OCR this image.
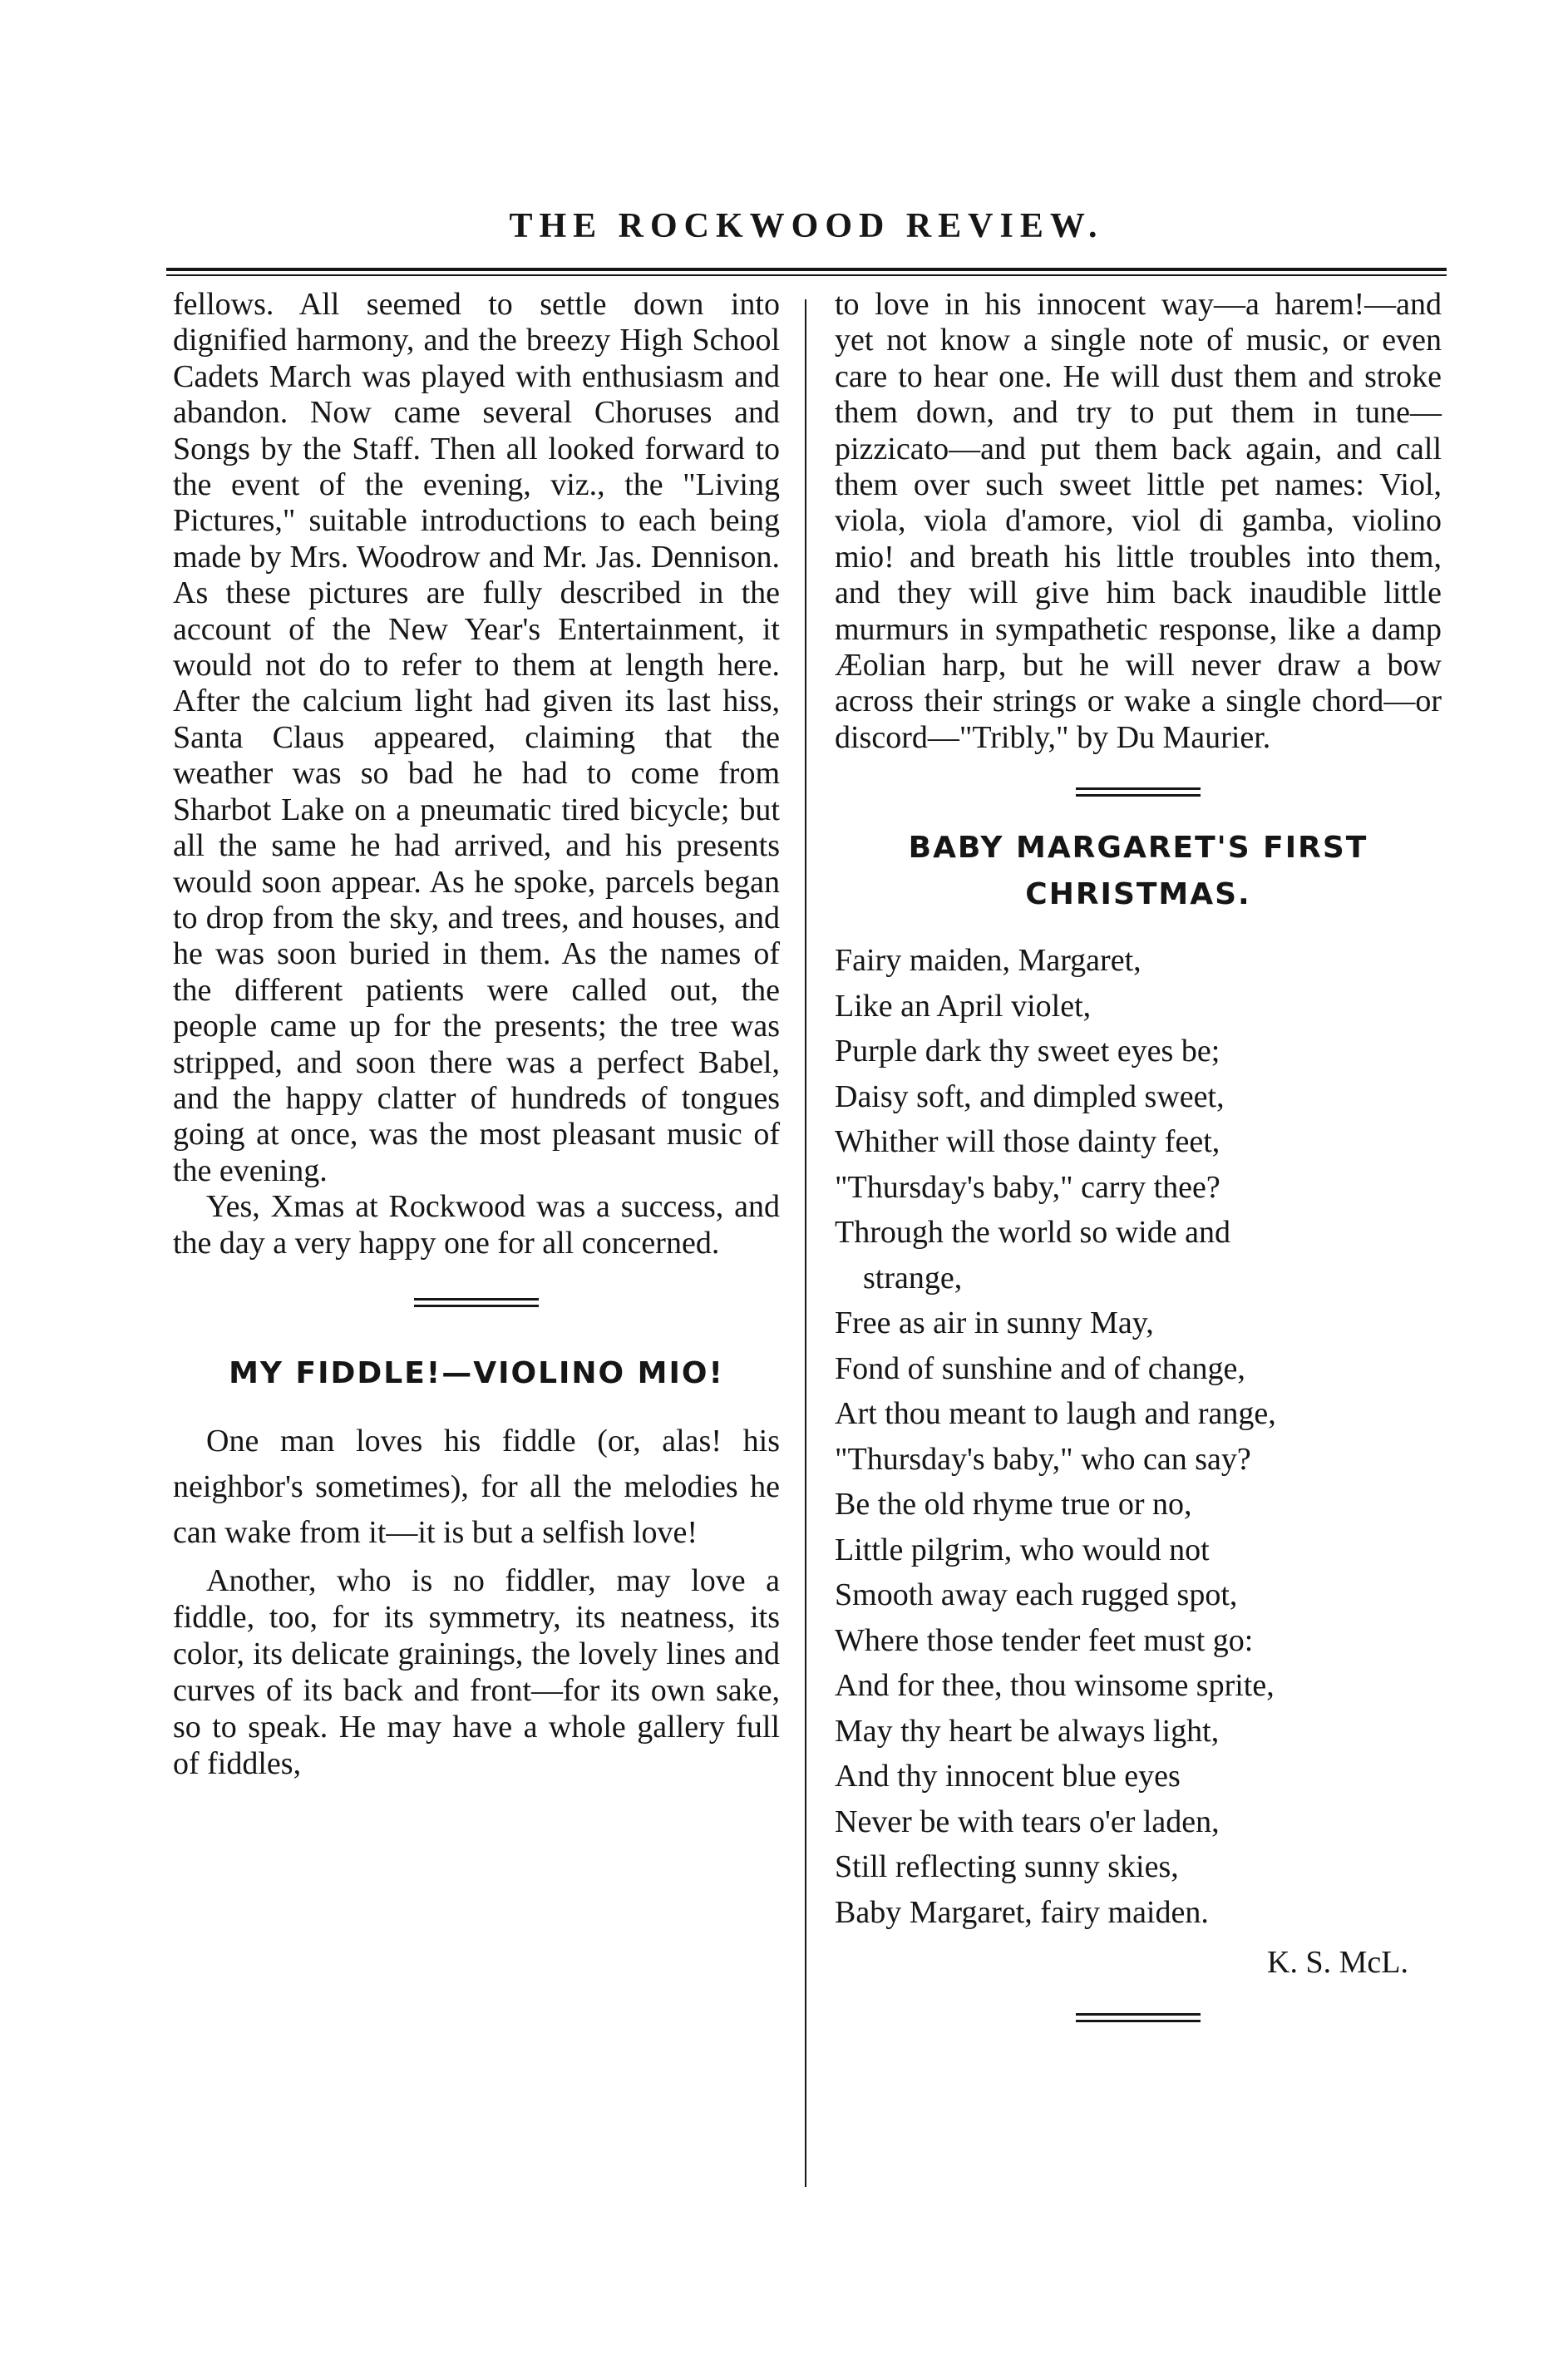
THE ROCKWOOD REVIEW.

fellows. All seemed to settle down into dignified harmony, and the breezy High School Cadets March was played with enthusiasm and abandon. Now came several Choruses and Songs by the Staff. Then all looked forward to the event of the evening, viz., the "Living Pictures," suitable introductions to each being made by Mrs. Woodrow and Mr. Jas. Dennison. As these pictures are fully described in the account of the New Year's Entertainment, it would not do to refer to them at length here. After the calcium light had given its last hiss, Santa Claus appeared, claiming that the weather was so bad he had to come from Sharbot Lake on a pneumatic tired bicycle; but all the same he had arrived, and his presents would soon appear. As he spoke, parcels began to drop from the sky, and trees, and houses, and he was soon buried in them. As the names of the different patients were called out, the people came up for the presents; the tree was stripped, and soon there was a perfect Babel, and the happy clatter of hundreds of tongues going at once, was the most pleasant music of the evening.

Yes, Xmas at Rockwood was a success, and the day a very happy one for all concerned.

MY FIDDLE!—VIOLINO MIO!

One man loves his fiddle (or, alas! his neighbor's sometimes), for all the melodies he can wake from it—it is but a selfish love!

Another, who is no fiddler, may love a fiddle, too, for its symmetry, its neatness, its color, its delicate grainings, the lovely lines and curves of its back and front—for its own sake, so to speak. He may have a whole gallery full of fiddles,

to love in his innocent way—a harem!—and yet not know a single note of music, or even care to hear one. He will dust them and stroke them down, and try to put them in tune—pizzicato—and put them back again, and call them over such sweet little pet names: Viol, viola, viola d'amore, viol di gamba, violino mio! and breath his little troubles into them, and they will give him back inaudible little murmurs in sympathetic response, like a damp Æolian harp, but he will never draw a bow across their strings or wake a single chord—or discord—"Tribly," by Du Maurier.

BABY MARGARET'S FIRST CHRISTMAS.
Fairy maiden, Margaret,
Like an April violet,
Purple dark thy sweet eyes be;
Daisy soft, and dimpled sweet,
Whither will those dainty feet,
"Thursday's baby," carry thee?
Through the world so wide and
strange,
Free as air in sunny May,
Fond of sunshine and of change,
Art thou meant to laugh and range,
"Thursday's baby," who can say?
Be the old rhyme true or no,
Little pilgrim, who would not
Smooth away each rugged spot,
Where those tender feet must go:
And for thee, thou winsome sprite,
May thy heart be always light,
And thy innocent blue eyes
Never be with tears o'er laden,
Still reflecting sunny skies,
Baby Margaret, fairy maiden.
K. S. McL.
